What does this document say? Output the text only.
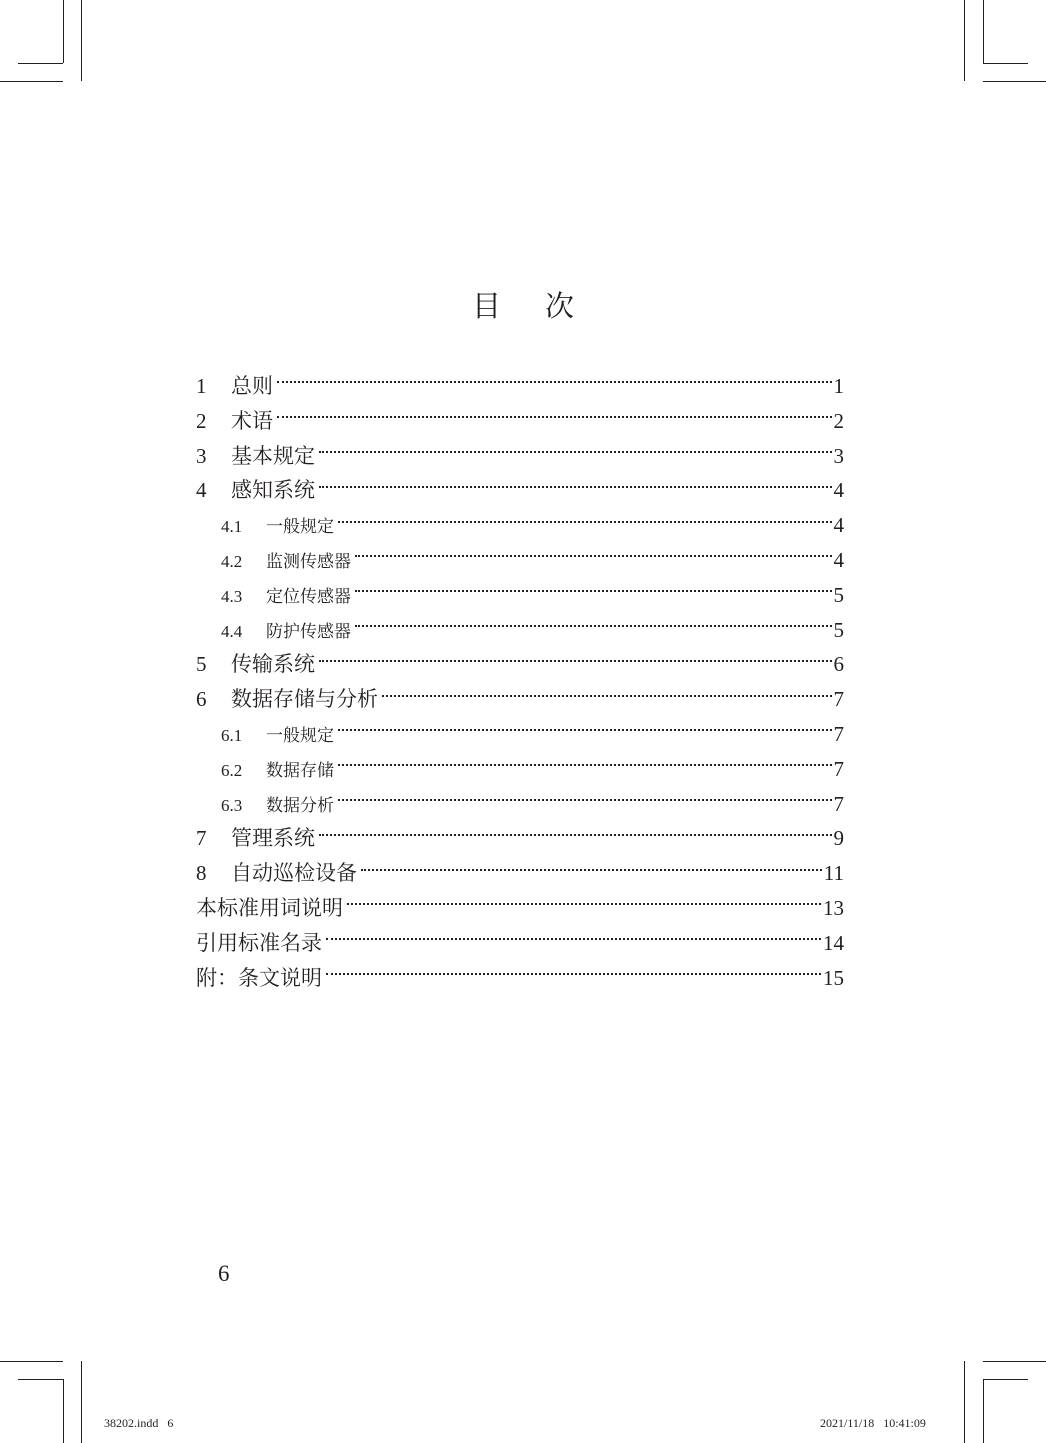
目 次
1	总则	1
2	术语	2
3	基本规定	3
4	感知系统	4
4.1	一般规定	4
4.2	监测传感器	4
4.3	定位传感器	5
4.4	防护传感器	5
5	传输系统	6
6	数据存储与分析	7
6.1	一般规定	7
6.2	数据存储	7
6.3	数据分析	7
7	管理系统	9
8	自动巡检设备	11
本标准用词说明	13
引用标准名录	14
附：条文说明	15
6
38202.indd   6	2021/11/18   10:41:09
